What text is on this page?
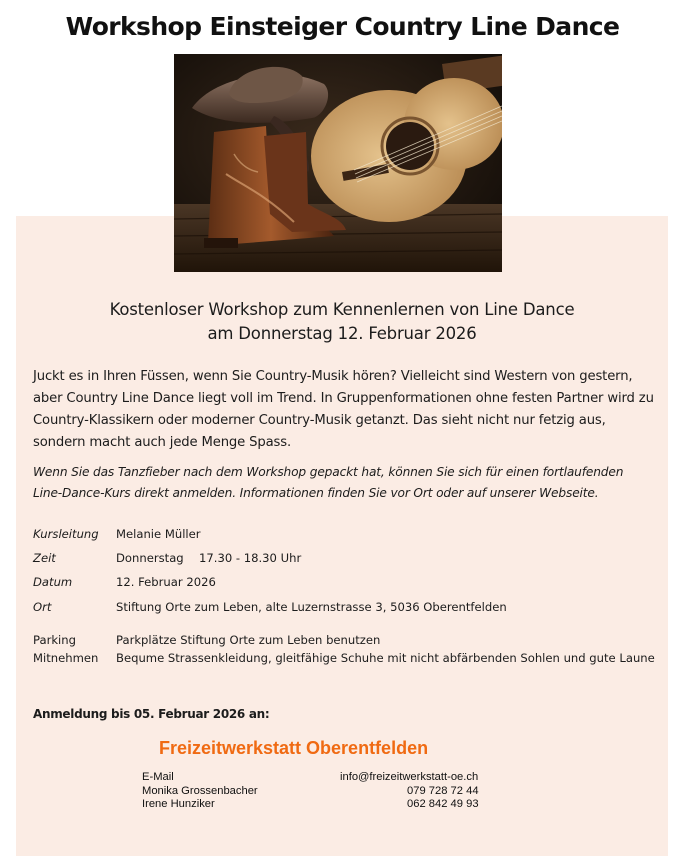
Workshop Einsteiger Country Line Dance
Kostenloser Workshop zum Kennenlernen von Line Dance
am Donnerstag 12. Februar 2026
Juckt es in Ihren Füssen, wenn Sie Country-Musik hören? Vielleicht sind Western von gestern, aber Country Line Dance liegt voll im Trend. In Gruppenformationen ohne festen Partner wird zu Country-Klassikern oder moderner Country-Musik getanzt. Das sieht nicht nur fetzig aus, sondern macht auch jede Menge Spass.
Wenn Sie das Tanzfieber nach dem Workshop gepackt hat, können Sie sich für einen fortlaufenden Line-Dance-Kurs direkt anmelden. Informationen finden Sie vor Ort oder auf unserer Webseite.
Kursleitung Melanie Müller
Zeit	Donnerstag 17.30 - 18.30 Uhr
Datum	12. Februar 2026
Ort	Stiftung Orte zum Leben, alte Luzernstrasse 3, 5036 Oberentfelden
Parking	Parkplätze Stiftung Orte zum Leben benutzen
Mitnehmen Bequme Strassenkleidung, gleitfähige Schuhe mit nicht abfärbenden Sohlen und gute Laune
Anmeldung bis 05. Februar 2026 an:
Freizeitwerkstatt Oberentfelden
E-Mail	info@freizeitwerkstatt-oe.ch
Monika Grossenbacher	079 728 72 44
Irene Hunziker	062 842 49 93
